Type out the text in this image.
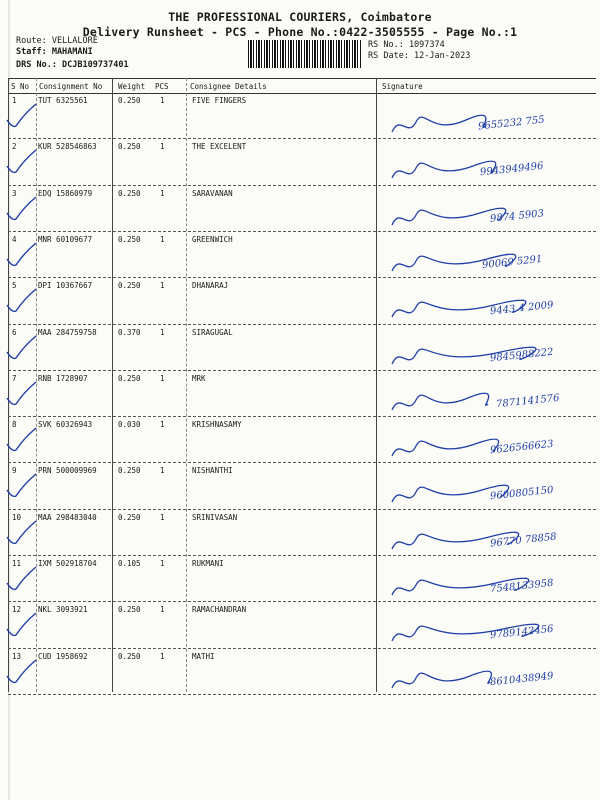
THE PROFESSIONAL COURIERS, Coimbatore
Delivery Runsheet - PCS - Phone No.:0422-3505555 - Page No.:1
Route: VELLALORE
Staff: MAHAMANI
DRS No.: DCJB109737401
RS No.: 1097374
RS Date: 12-Jan-2023
S No Consignment No Weight PCS	Consignee Details	Signature
1	TUT 6325561	0.250	1	FIVE FINGERS
9655232 755
2	KUR 528546863	0.250	1	THE EXCELENT
9943949496
3	EDQ 15860979	0.250	1	SARAVANAN
9874 5903
4	MNR 60109677	0.250	1	GREENWICH
90069 5291
5	DPI 10367667	0.250	1	DHANARAJ
9443 4 2009
6	MAA 284759758	0.370	1	SIRAGUGAL
9845988222
7	RNB 1728907	0.250	1	MRK
7871141576
8	SVK 60326943	0.030	1	KRISHNASAMY
9626566623
9	PRN 500009969	0.250	1	NISHANTHI
9600805150
10 MAA 298483040	0.250	1	SRINIVASAN
96770 78858
11 IXM 502918704	0.105	1	RUKMANI
7548133958
12 NKL 3093921	0.250	1	RAMACHANDRAN
9789142456
13 CUD 1958692	0.250	1	MATHI
8610438949
